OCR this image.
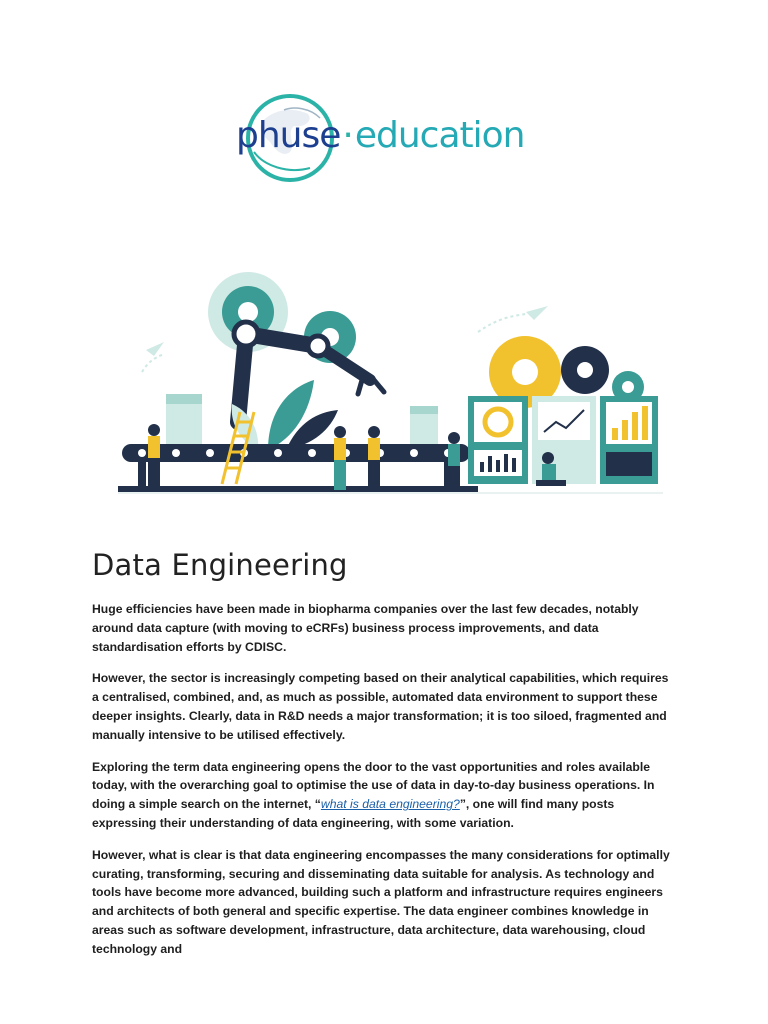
phuse·education
Data Engineering

Huge efficiencies have been made in biopharma companies over the last few decades, notably around data capture (with moving to eCRFs) business process improvements, and data standardisation efforts by CDISC.

However, the sector is increasingly competing based on their analytical capabilities, which requires a centralised, combined, and, as much as possible, automated data environment to support these deeper insights. Clearly, data in R&D needs a major transformation; it is too siloed, fragmented and manually intensive to be utilised effectively.

Exploring the term data engineering opens the door to the vast opportunities and roles available today, with the overarching goal to optimise the use of data in day-to-day business operations. In doing a simple search on the internet, “what is data engineering?”, one will find many posts expressing their understanding of data engineering, with some variation.

However, what is clear is that data engineering encompasses the many considerations for optimally curating, transforming, securing and disseminating data suitable for analysis. As technology and tools have become more advanced, building such a platform and infrastructure requires engineers and architects of both general and specific expertise. The data engineer combines knowledge in areas such as software development, infrastructure, data architecture, data warehousing, cloud technology and
